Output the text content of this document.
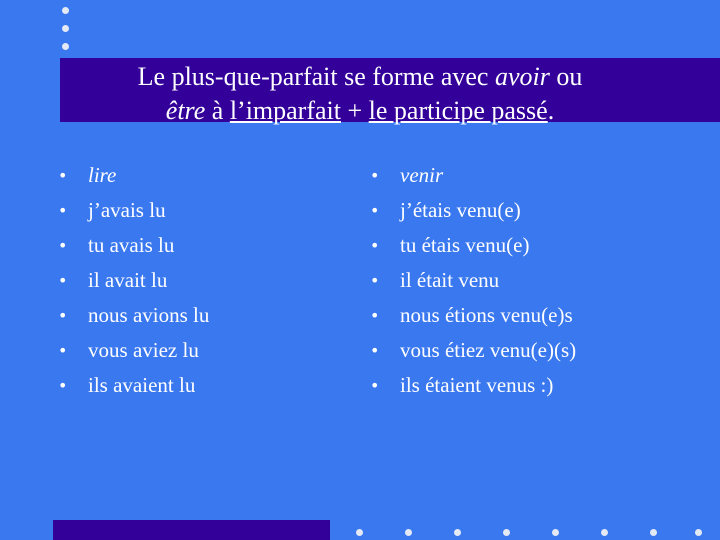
Le plus-que-parfait se forme avec avoir ou
être à l’imparfait + le participe passé.
• lire
• j’avais lu
• tu avais lu
• il avait lu
• nous avions lu
• vous aviez lu
• ils avaient lu
• venir
• j’étais venu(e)
• tu étais venu(e)
• il était venu
• nous étions venu(e)s
• vous étiez venu(e)(s)
• ils étaient venus :)
